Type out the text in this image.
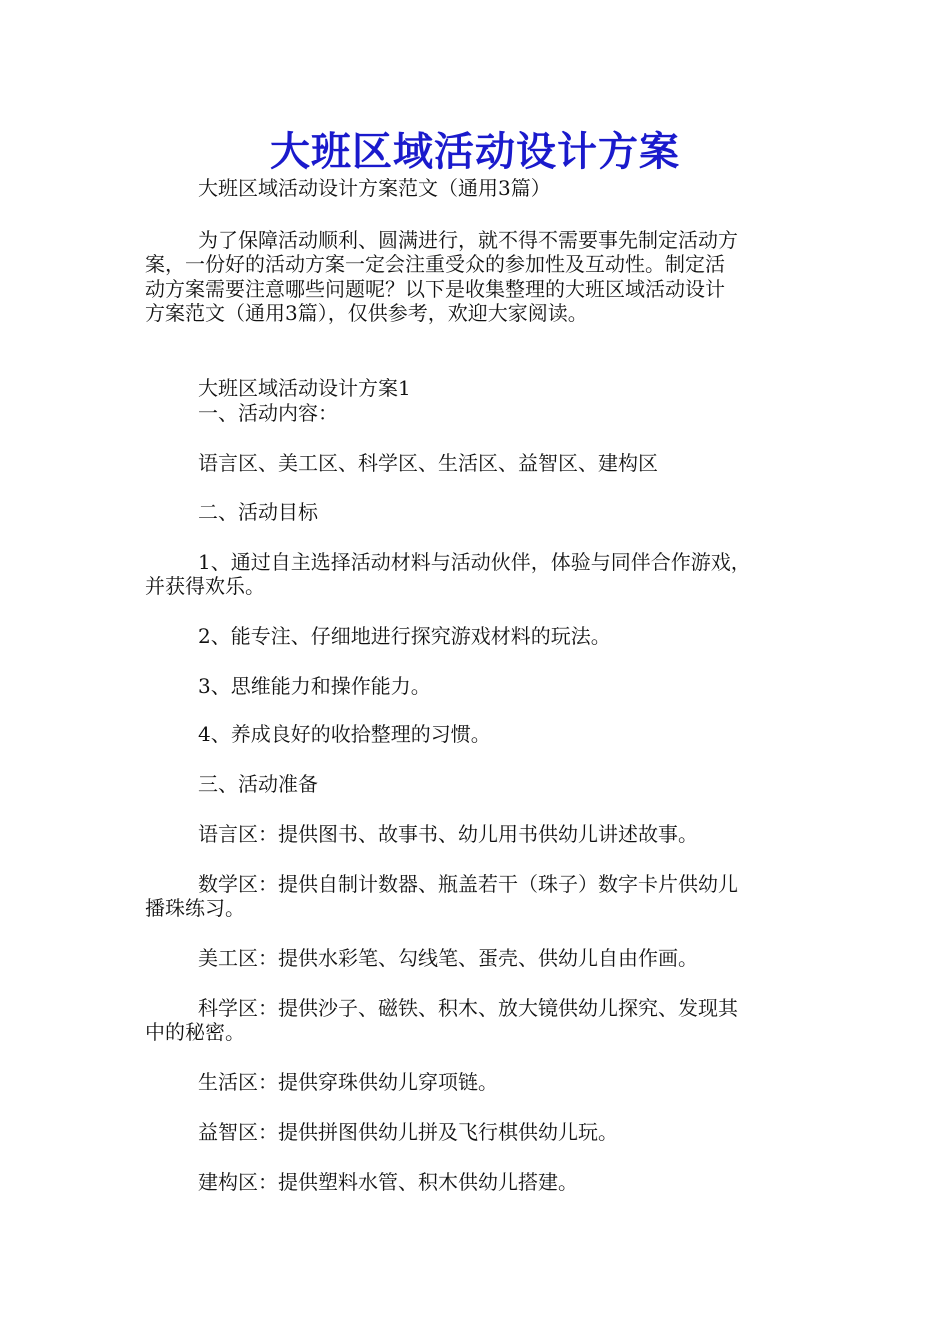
大班区域活动设计方案
大班区域活动设计方案范文（通用3篇）
为了保障活动顺利、圆满进行，就不得不需要事先制定活动方
案，一份好的活动方案一定会注重受众的参加性及互动性。制定活
动方案需要注意哪些问题呢？以下是收集整理的大班区域活动设计
方案范文（通用3篇），仅供参考，欢迎大家阅读。
大班区域活动设计方案1
一、活动内容：
语言区、美工区、科学区、生活区、益智区、建构区
二、活动目标
1、通过自主选择活动材料与活动伙伴，体验与同伴合作游戏，
并获得欢乐。
2、能专注、仔细地进行探究游戏材料的玩法。
3、思维能力和操作能力。
4、养成良好的收拾整理的习惯。
三、活动准备
语言区：提供图书、故事书、幼儿用书供幼儿讲述故事。
数学区：提供自制计数器、瓶盖若干（珠子）数字卡片供幼儿
播珠练习。
美工区：提供水彩笔、勾线笔、蛋壳、供幼儿自由作画。
科学区：提供沙子、磁铁、积木、放大镜供幼儿探究、发现其
中的秘密。
生活区：提供穿珠供幼儿穿项链。
益智区：提供拼图供幼儿拼及飞行棋供幼儿玩。
建构区：提供塑料水管、积木供幼儿搭建。
